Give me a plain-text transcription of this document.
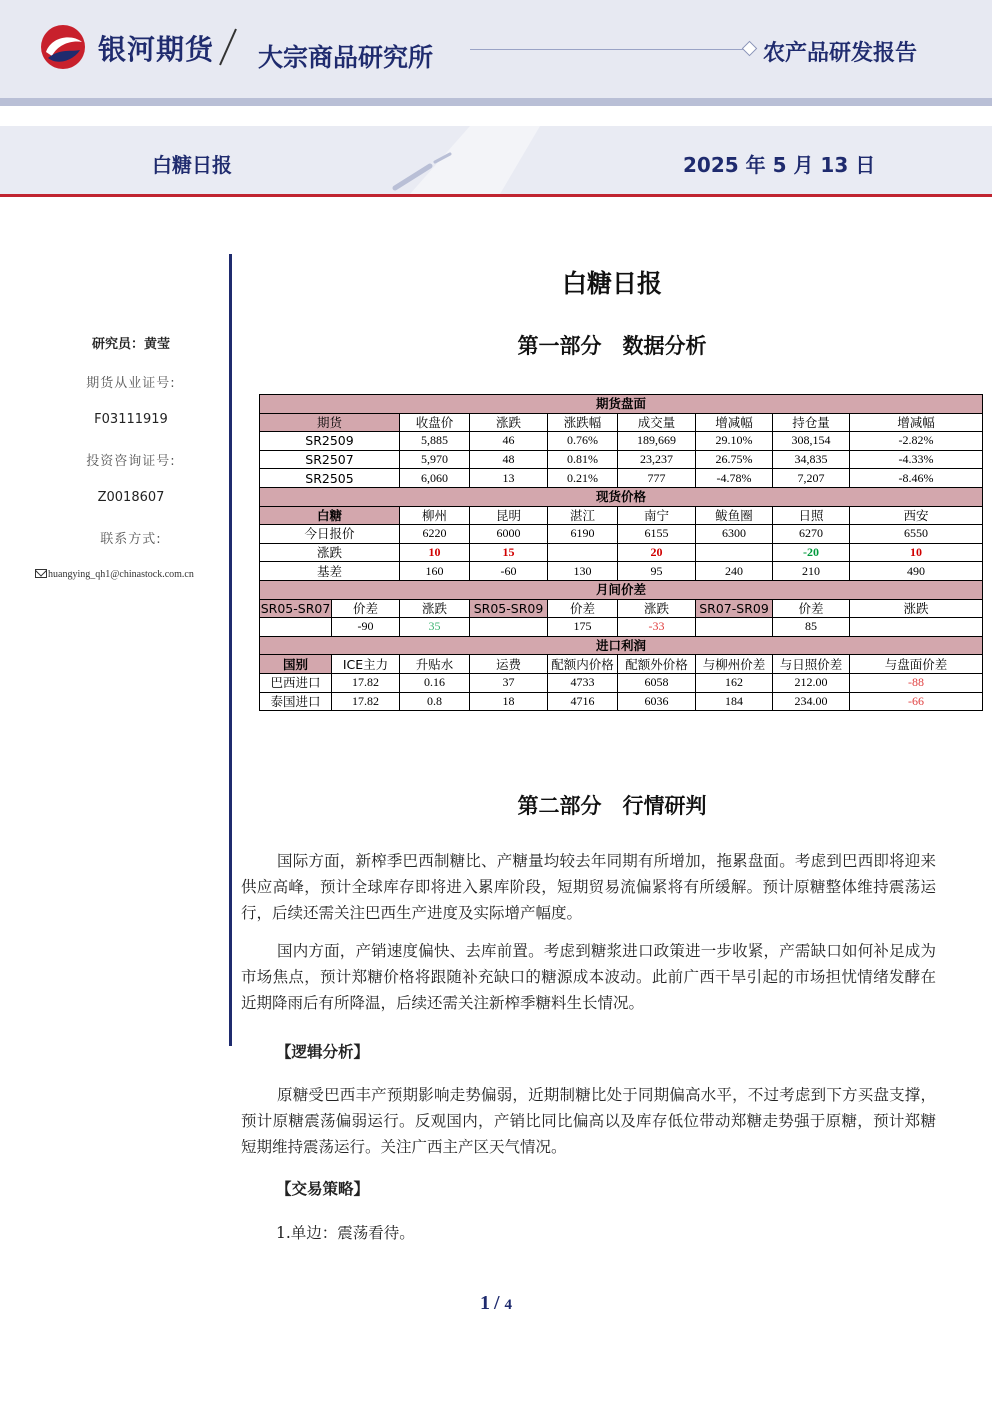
银河期货 大宗商品研究所	农产品研发报告
白糖日报	2025 年 5 月 13 日
研究员：黄莹
期货从业证号:
F03111919
投资咨询证号:
Z0018607
联系方式:
huangying_qh1@chinastock.com.cn
白糖日报
第一部分　数据分析
期货盘面								
期货		收盘价	涨跌	涨跌幅	成交量	增减幅	持仓量	增减幅
SR2509		5,885	46	0.76%	189,669	29.10%	308,154	-2.82%
SR2507		5,970	48	0.81%	23,237	26.75%	34,835	-4.33%
SR2505		6,060	13	0.21%	777	-4.78%	7,207	-8.46%
现货价格								
白糖		柳州	昆明	湛江	南宁	鲅鱼圈	日照	西安
今日报价		6220	6000	6190	6155	6300	6270	6550
涨跌		10	15		20		-20	10
基差		160	-60	130	95	240	210	490
月间价差								
SR05-SR07	价差	涨跌	SR05-SR09	价差	涨跌	SR07-SR09	价差	涨跌
	-90	35		175	-33		85	
进口利润								
国别	ICE主力	升贴水	运费	配额内价格	配额外价格	与柳州价差	与日照价差	与盘面价差
巴西进口	17.82	0.16	37	4733	6058	162	212.00	-88
泰国进口	17.82	0.8	18	4716	6036	184	234.00	-66
第二部分　行情研判

国际方面，新榨季巴西制糖比、产糖量均较去年同期有所增加，拖累盘面。考虑到巴西即将迎来供应高峰，预计全球库存即将进入累库阶段，短期贸易流偏紧将有所缓解。预计原糖整体维持震荡运行，后续还需关注巴西生产进度及实际增产幅度。

国内方面，产销速度偏快、去库前置。考虑到糖浆进口政策进一步收紧，产需缺口如何补足成为市场焦点，预计郑糖价格将跟随补充缺口的糖源成本波动。此前广西干旱引起的市场担忧情绪发酵在近期降雨后有所降温，后续还需关注新榨季糖料生长情况。

【逻辑分析】

原糖受巴西丰产预期影响走势偏弱，近期制糖比处于同期偏高水平，不过考虑到下方买盘支撑，预计原糖震荡偏弱运行。反观国内，产销比同比偏高以及库存低位带动郑糖走势强于原糖，预计郑糖短期维持震荡运行。关注广西主产区天气情况。

【交易策略】
1.单边：震荡看待。
1 / 4
